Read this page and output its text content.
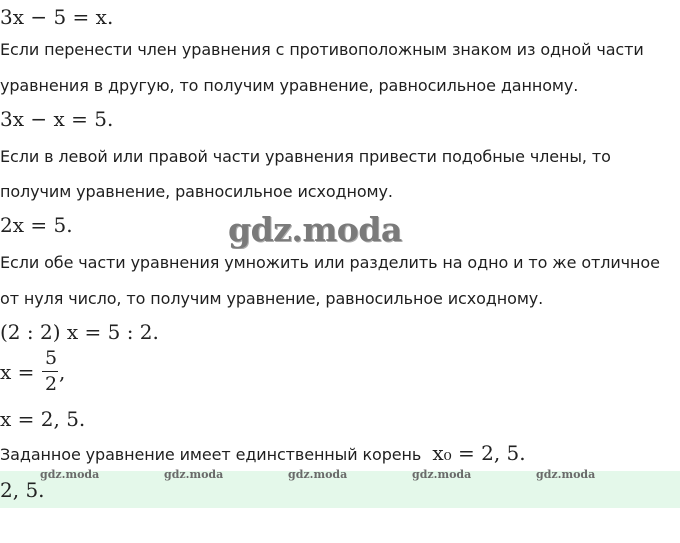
3x − 5 = x.
Если перенести член уравнения с противоположным знаком из одной части
уравнения в другую, то получим уравнение, равносильное данному.
3x − x = 5.
Если в левой или правой части уравнения привести подобные члены, то
получим уравнение, равносильное исходному.
2x = 5.	gdz.moda
Если обе части уравнения умножить или разделить на одно и то же отличное
от нуля число, то получим уравнение, равносильное исходному.
(2 : 2) x = 5 : 2.
x =
5
2 ,
x = 2, 5.
Заданное уравнение имеет единственный корень x₀ = 2, 5.
gdz.moda	gdz.moda	gdz.moda	gdz.moda	gdz.moda
2, 5.
